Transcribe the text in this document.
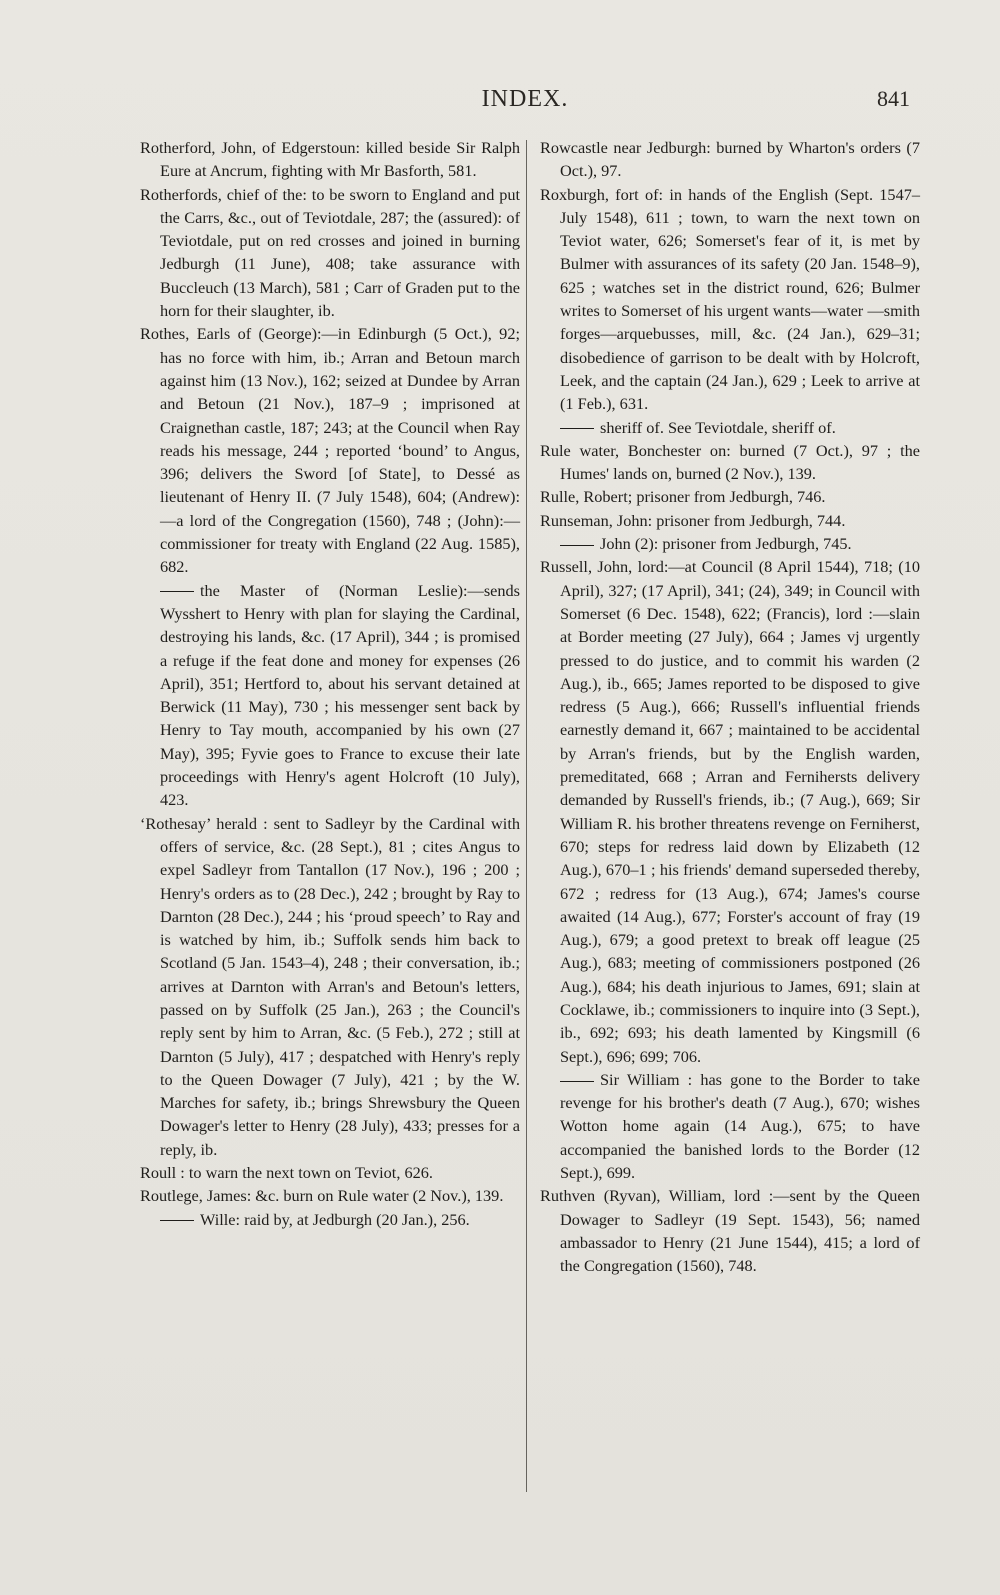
INDEX.	841

Rotherford, John, of Edgerstoun: killed beside Sir Ralph Eure at Ancrum, fighting with Mr Basforth, 581.

Rotherfords, chief of the: to be sworn to England and put the Carrs, &c., out of Teviotdale, 287; the (assured): of Teviotdale, put on red crosses and joined in burning Jedburgh (11 June), 408; take assurance with Buccleuch (13 March), 581 ; Carr of Graden put to the horn for their slaughter, ib.

Rothes, Earls of (George):—in Edinburgh (5 Oct.), 92; has no force with him, ib.; Arran and Betoun march against him (13 Nov.), 162; seized at Dundee by Arran and Betoun (21 Nov.), 187–9 ; imprisoned at Craignethan castle, 187; 243; at the Council when Ray reads his message, 244 ; reported ‘bound’ to Angus, 396; delivers the Sword [of State], to Dessé as lieutenant of Henry II. (7 July 1548), 604; (Andrew):—a lord of the Congregation (1560), 748 ; (John):—commissioner for treaty with England (22 Aug. 1585), 682.

the Master of (Norman Leslie):—sends Wysshert to Henry with plan for slaying the Cardinal, destroying his lands, &c. (17 April), 344 ; is promised a refuge if the feat done and money for expenses (26 April), 351; Hertford to, about his servant detained at Berwick (11 May), 730 ; his messenger sent back by Henry to Tay mouth, accompanied by his own (27 May), 395; Fyvie goes to France to excuse their late proceedings with Henry's agent Holcroft (10 July), 423.

‘Rothesay’ herald : sent to Sadleyr by the Cardinal with offers of service, &c. (28 Sept.), 81 ; cites Angus to expel Sadleyr from Tantallon (17 Nov.), 196 ; 200 ; Henry's orders as to (28 Dec.), 242 ; brought by Ray to Darnton (28 Dec.), 244 ; his ‘proud speech’ to Ray and is watched by him, ib.; Suffolk sends him back to Scotland (5 Jan. 1543–4), 248 ; their conversation, ib.; arrives at Darnton with Arran's and Betoun's letters, passed on by Suffolk (25 Jan.), 263 ; the Council's reply sent by him to Arran, &c. (5 Feb.), 272 ; still at Darnton (5 July), 417 ; despatched with Henry's reply to the Queen Dowager (7 July), 421 ; by the W. Marches for safety, ib.; brings Shrewsbury the Queen Dowager's letter to Henry (28 July), 433; presses for a reply, ib.

Roull : to warn the next town on Teviot, 626.

Routlege, James: &c. burn on Rule water (2 Nov.), 139.

Wille: raid by, at Jedburgh (20 Jan.), 256.

Rowcastle near Jedburgh: burned by Wharton's orders (7 Oct.), 97.

Roxburgh, fort of: in hands of the English (Sept. 1547–July 1548), 611 ; town, to warn the next town on Teviot water, 626; Somerset's fear of it, is met by Bulmer with assurances of its safety (20 Jan. 1548–9), 625 ; watches set in the district round, 626; Bulmer writes to Somerset of his urgent wants—water —smith forges—arquebusses, mill, &c. (24 Jan.), 629–31; disobedience of garrison to be dealt with by Holcroft, Leek, and the captain (24 Jan.), 629 ; Leek to arrive at (1 Feb.), 631.

sheriff of. See Teviotdale, sheriff of.

Rule water, Bonchester on: burned (7 Oct.), 97 ; the Humes' lands on, burned (2 Nov.), 139.

Rulle, Robert; prisoner from Jedburgh, 746.

Runseman, John: prisoner from Jedburgh, 744.

John (2): prisoner from Jedburgh, 745.

Russell, John, lord:—at Council (8 April 1544), 718; (10 April), 327; (17 April), 341; (24), 349; in Council with Somerset (6 Dec. 1548), 622; (Francis), lord :—slain at Border meeting (27 July), 664 ; James vj urgently pressed to do justice, and to commit his warden (2 Aug.), ib., 665; James reported to be disposed to give redress (5 Aug.), 666; Russell's influential friends earnestly demand it, 667 ; maintained to be accidental by Arran's friends, but by the English warden, premeditated, 668 ; Arran and Fernihersts delivery demanded by Russell's friends, ib.; (7 Aug.), 669; Sir William R. his brother threatens revenge on Ferniherst, 670; steps for redress laid down by Elizabeth (12 Aug.), 670–1 ; his friends' demand superseded thereby, 672 ; redress for (13 Aug.), 674; James's course awaited (14 Aug.), 677; Forster's account of fray (19 Aug.), 679; a good pretext to break off league (25 Aug.), 683; meeting of commissioners postponed (26 Aug.), 684; his death injurious to James, 691; slain at Cocklawe, ib.; commissioners to inquire into (3 Sept.), ib., 692; 693; his death lamented by Kingsmill (6 Sept.), 696; 699; 706.

Sir William : has gone to the Border to take revenge for his brother's death (7 Aug.), 670; wishes Wotton home again (14 Aug.), 675; to have accompanied the banished lords to the Border (12 Sept.), 699.

Ruthven (Ryvan), William, lord :—sent by the Queen Dowager to Sadleyr (19 Sept. 1543), 56; named ambassador to Henry (21 June 1544), 415; a lord of the Congregation (1560), 748.
